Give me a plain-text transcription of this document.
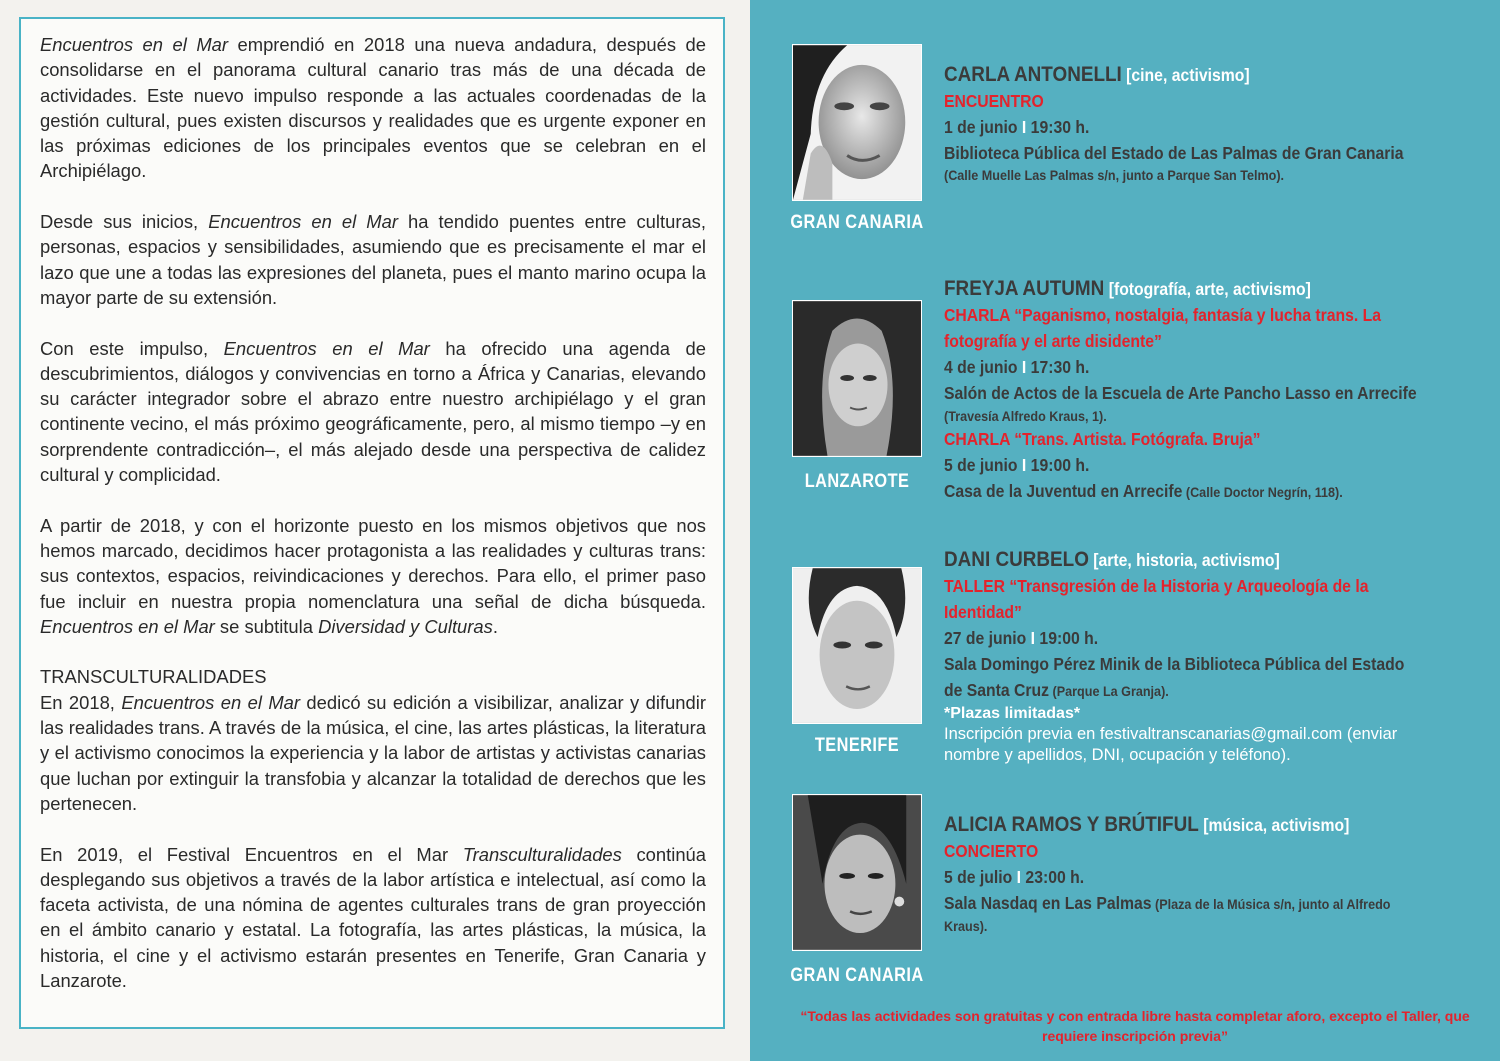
Encuentros en el Mar emprendió en 2018 una nueva andadura, después de consolidarse en el panorama cultural canario tras más de una década de actividades. Este nuevo impulso responde a las actuales coordenadas de la gestión cultural, pues existen discursos y realidades que es urgente exponer en las próximas ediciones de los principales eventos que se celebran en el Archipiélago.

Desde sus inicios, Encuentros en el Mar ha tendido puentes entre culturas, personas, espacios y sensibilidades, asumiendo que es precisamente el mar el lazo que une a todas las expresiones del planeta, pues el manto marino ocupa la mayor parte de su extensión.

Con este impulso, Encuentros en el Mar ha ofrecido una agenda de descubrimientos, diálogos y convivencias en torno a África y Canarias, elevando su carácter integrador sobre el abrazo entre nuestro archipiélago y el gran continente vecino, el más próximo geográficamente, pero, al mismo tiempo –y en sorprendente contradicción–, el más alejado desde una perspectiva de calidez cultural y complicidad.

A partir de 2018, y con el horizonte puesto en los mismos objetivos que nos hemos marcado, decidimos hacer protagonista a las realidades y culturas trans: sus contextos, espacios, reivindicaciones y derechos. Para ello, el primer paso fue incluir en nuestra propia nomenclatura una señal de dicha búsqueda. Encuentros en el Mar se subtitula Diversidad y Culturas.

TRANSCULTURALIDADES

En 2018, Encuentros en el Mar dedicó su edición a visibilizar, analizar y difundir las realidades trans. A través de la música, el cine, las artes plásticas, la literatura y el activismo conocimos la experiencia y la labor de artistas y activistas canarias que luchan por extinguir la transfobia y alcanzar la totalidad de derechos que les pertenecen.

En 2019, el Festival Encuentros en el Mar Transculturalidades continúa desplegando sus objetivos a través de la labor artística e intelectual, así como la faceta activista, de una nómina de agentes culturales trans de gran proyección en el ámbito canario y estatal. La fotografía, las artes plásticas, la música, la historia, el cine y el activismo estarán presentes en Tenerife, Gran Canaria y Lanzarote.

GRAN CANARIA
CARLA ANTONELLI [cine, activismo]
ENCUENTRO
1 de junio I 19:30 h.
Biblioteca Pública del Estado de Las Palmas de Gran Canaria
(Calle Muelle Las Palmas s/n, junto a Parque San Telmo).
LANZAROTE
FREYJA AUTUMN [fotografía, arte, activismo]
CHARLA “Paganismo, nostalgia, fantasía y lucha trans. La
fotografía y el arte disidente”
4 de junio I 17:30 h.
Salón de Actos de la Escuela de Arte Pancho Lasso en Arrecife
(Travesía Alfredo Kraus, 1).
CHARLA “Trans. Artista. Fotógrafa. Bruja”
5 de junio I 19:00 h.
Casa de la Juventud en Arrecife (Calle Doctor Negrín, 118).
TENERIFE
DANI CURBELO [arte, historia, activismo]
TALLER “Transgresión de la Historia y Arqueología de la
Identidad”
27 de junio I 19:00 h.
Sala Domingo Pérez Minik de la Biblioteca Pública del Estado
de Santa Cruz (Parque La Granja).
*Plazas limitadas*
Inscripción previa en festivaltranscanarias@gmail.com (enviar
nombre y apellidos, DNI, ocupación y teléfono).
GRAN CANARIA
ALICIA RAMOS Y BRÚTIFUL [música, activismo]
CONCIERTO
5 de julio I 23:00 h.
Sala Nasdaq en Las Palmas (Plaza de la Música s/n, junto al Alfredo
Kraus).
“Todas las actividades son gratuitas y con entrada libre hasta completar aforo, excepto el Taller, que
requiere inscripción previa”
